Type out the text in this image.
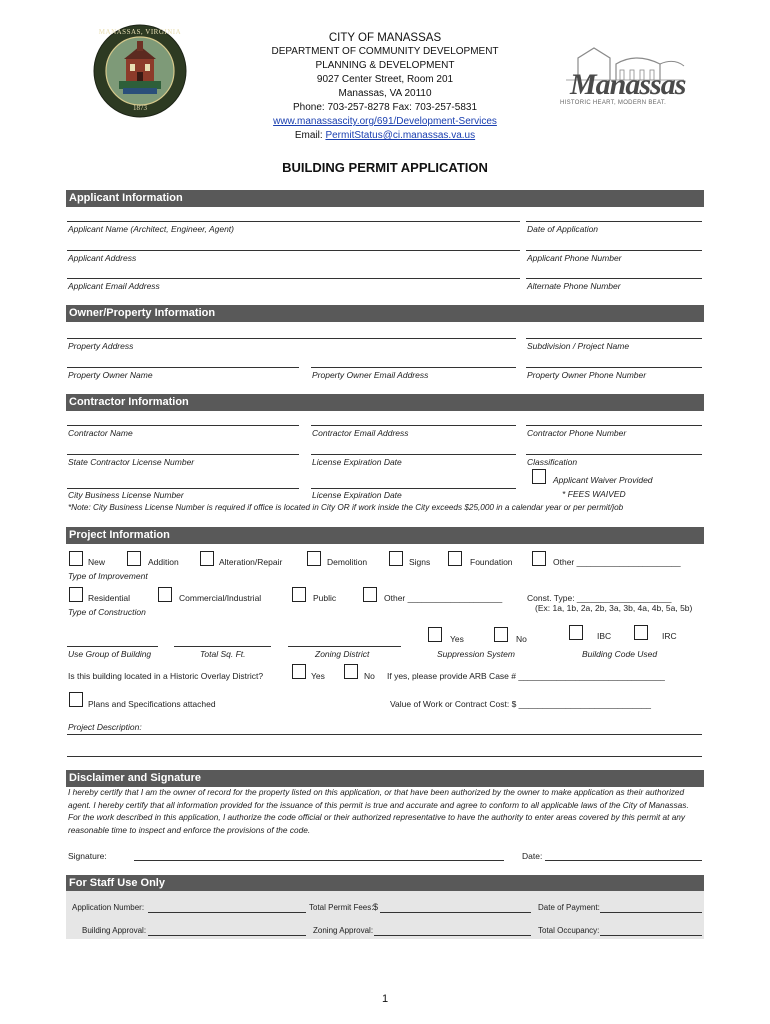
MANASSAS, VIRGINIA
1873
CITY OF MANASSAS
DEPARTMENT OF COMMUNITY DEVELOPMENT
PLANNING & DEVELOPMENT
9027 Center Street, Room 201
Manassas, VA 20110
Phone: 703-257-8278 Fax: 703-257-5831
www.manassascity.org/691/Development-Services
Email: PermitStatus@ci.manassas.va.us
Manassas
HISTORIC HEART, MODERN BEAT.
BUILDING PERMIT APPLICATION
Applicant Information
Applicant Name (Architect, Engineer, Agent)	Date of Application
Applicant Address	Applicant Phone Number
Applicant Email Address	Alternate Phone Number
Owner/Property Information
Property Address	Subdivision / Project Name
Property Owner Name	Property Owner Email Address	Property Owner Phone Number
Contractor Information
Contractor Name	Contractor Email Address	Contractor Phone Number
State Contractor License Number	License Expiration Date	Classification
Applicant Waiver Provided
* FEES WAIVED
City Business License Number	License Expiration Date
*Note: City Business License Number is required if office is located in City OR if work inside the City exceeds $25,000 in a calendar year or per permit/job
Project Information
New	Addition	Alteration/Repair	Demolition	Signs	Foundation	Other ______________________
Type of Improvement
Residential	Commercial/Industrial	Public	Other ____________________	Const. Type: ____________________
(Ex: 1a, 1b, 2a, 2b, 3a, 3b, 4a, 4b, 5a, 5b)
Type of Construction
Yes	No	IBC	IRC
Use Group of Building	Total Sq. Ft.	Zoning District	Suppression System	Building Code Used
Is this building located in a Historic Overlay District?	Yes	No If yes, please provide ARB Case # _______________________________
Plans and Specifications attached	Value of Work or Contract Cost: $ ____________________________
Project Description:
Disclaimer and Signature
I hereby certify that I am the owner of record for the property listed on this application, or that have been authorized by the owner to make application as their authorized agent. I hereby certify that all information provided for the issuance of this permit is true and accurate and agree to conform to all applicable laws of the City of Manassas. For the work described in this application, I authorize the code official or their authorized representative to have the authority to enter areas covered by this permit at any reasonable time to inspect and enforce the provisions of the code.
Signature:	Date:
For Staff Use Only
Application Number:	Total Permit Fees: $	Date of Payment:
Building Approval:	Zoning Approval:	Total Occupancy:
1
